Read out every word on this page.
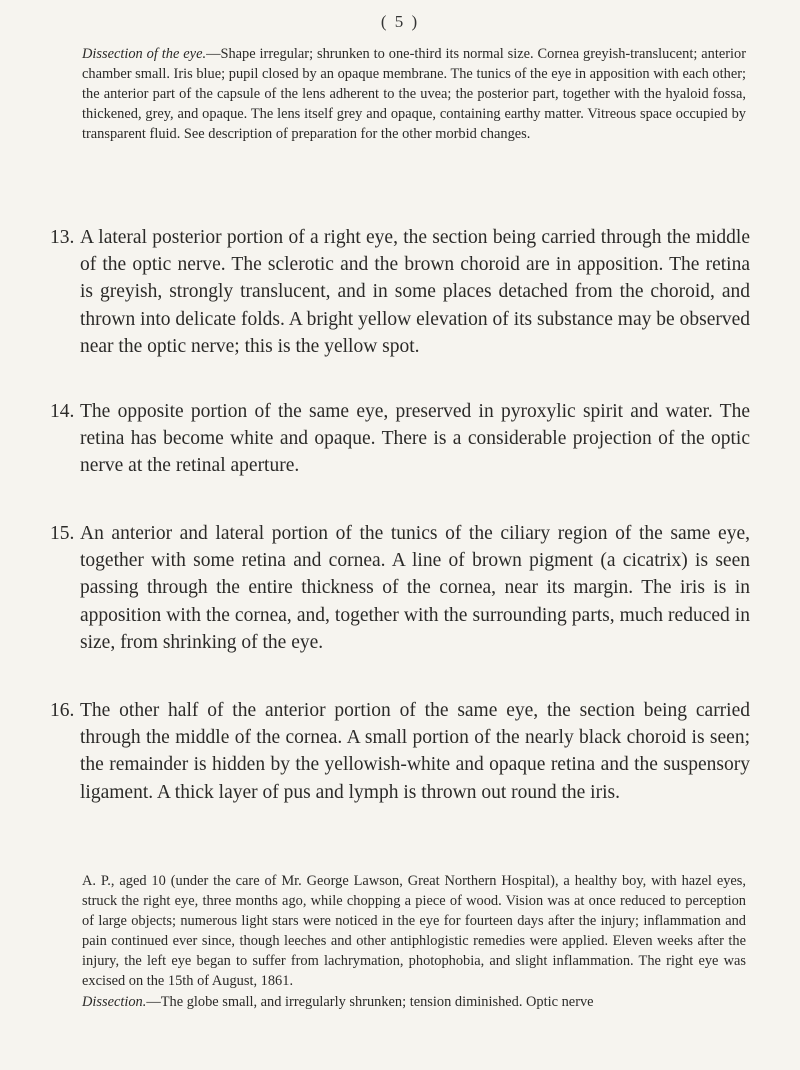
( 5 )

Dissection of the eye.—Shape irregular; shrunken to one-third its normal size. Cornea greyish-translucent; anterior chamber small. Iris blue; pupil closed by an opaque membrane. The tunics of the eye in apposition with each other; the anterior part of the capsule of the lens adherent to the uvea; the posterior part, together with the hyaloid fossa, thickened, grey, and opaque. The lens itself grey and opaque, containing earthy matter. Vitreous space occupied by transparent fluid. See description of preparation for the other morbid changes.

13. A lateral posterior portion of a right eye, the section being carried through the middle of the optic nerve. The sclerotic and the brown choroid are in apposition. The retina is greyish, strongly translucent, and in some places detached from the choroid, and thrown into delicate folds. A bright yellow elevation of its substance may be observed near the optic nerve; this is the yellow spot.
14. The opposite portion of the same eye, preserved in pyroxylic spirit and water. The retina has become white and opaque. There is a considerable projection of the optic nerve at the retinal aperture.
15. An anterior and lateral portion of the tunics of the ciliary region of the same eye, together with some retina and cornea. A line of brown pigment (a cicatrix) is seen passing through the entire thickness of the cornea, near its margin. The iris is in apposition with the cornea, and, together with the surrounding parts, much reduced in size, from shrinking of the eye.
16. The other half of the anterior portion of the same eye, the section being carried through the middle of the cornea. A small portion of the nearly black choroid is seen; the remainder is hidden by the yellowish-white and opaque retina and the suspensory ligament. A thick layer of pus and lymph is thrown out round the iris.

A. P., aged 10 (under the care of Mr. George Lawson, Great Northern Hospital), a healthy boy, with hazel eyes, struck the right eye, three months ago, while chopping a piece of wood. Vision was at once reduced to perception of large objects; numerous light stars were noticed in the eye for fourteen days after the injury; inflammation and pain continued ever since, though leeches and other antiphlogistic remedies were applied. Eleven weeks after the injury, the left eye began to suffer from lachrymation, photophobia, and slight inflammation. The right eye was excised on the 15th of August, 1861.

Dissection.—The globe small, and irregularly shrunken; tension diminished. Optic nerve
